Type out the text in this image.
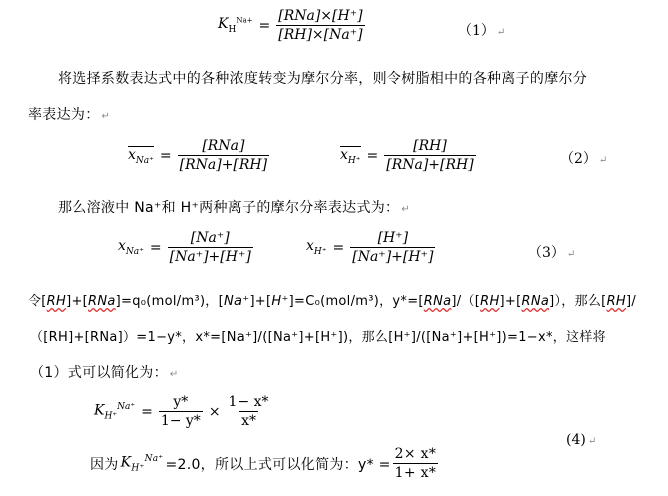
$K_H^{Na+} = \frac{\text{[RNa]×[H⁺]}}{[RH]\times[Na^+]}$	（1） ↵
将选择系数表达式中的各种浓度转变为摩尔分率，则令树脂相中的各种离子的摩尔分
率表达为： ↵
$x_{Na^+} = \frac{\text{[RNa]}}{\text{[RNa]+[RH]}}$	$x_{H^+} = \frac{[RH]}{\text{[RNa]+[RH]}}$	（2） ↵
那么溶液中 Na⁺和 H⁺两种离子的摩尔分率表达式为： ↵
$x_{Na^+} = \frac{[Na^+]}{[Na^+]+[H^+]}$	$x_{H^+} = \frac{[H^+]}{[Na^+]+[H^+]}$	（3） ↵
令[RH]+[RNa]=q₀(mol/m³)，[Na⁺]+[H⁺]=C₀(mol/m³)，y*=[RNa]/（[RH]+[RNa]），那么[RH]/
（[RH]+[RNa]）=1−y*，x*=[Na⁺]/([Na⁺]+[H⁺])，那么[H⁺]/([Na⁺]+[H⁺])=1−x*，这样将
（1）式可以简化为： ↵
$K_{H^+}^{Na^+} = \frac{y*}{1- y*} \times \frac{1- x*}{x*}$
(4) ↵
因为 $K_{H^+}^{Na^+} =2.0$，所以上式可以化简为：$y* = \frac{2\times x*}{1+ x*}$
